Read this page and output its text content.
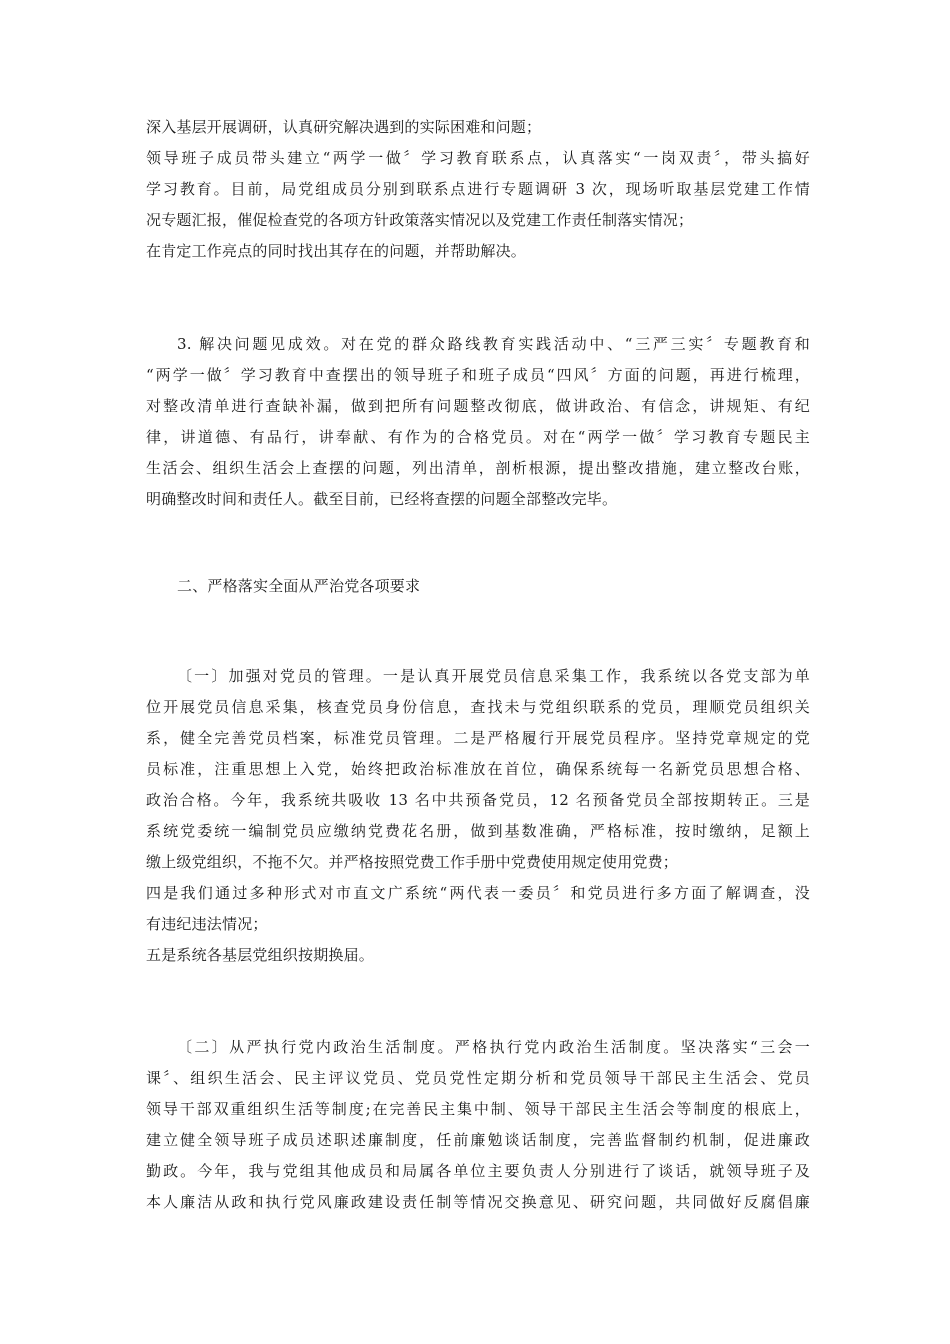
深入基层开展调研，认真研究解决遇到的实际困难和问题；
领导班子成员带头建立“两学一做〞学习教育联系点，认真落实“一岗双责〞，带头搞好
学习教育。目前，局党组成员分别到联系点进行专题调研 3 次，现场听取基层党建工作情
况专题汇报，催促检查党的各项方针政策落实情况以及党建工作责任制落实情况；
在肯定工作亮点的同时找出其存在的问题，并帮助解决。
3. 解决问题见成效。对在党的群众路线教育实践活动中、“三严三实〞专题教育和
“两学一做〞学习教育中查摆出的领导班子和班子成员“四风〞方面的问题，再进行梳理，
对整改清单进行查缺补漏，做到把所有问题整改彻底，做讲政治、有信念，讲规矩、有纪
律，讲道德、有品行，讲奉献、有作为的合格党员。对在“两学一做〞学习教育专题民主
生活会、组织生活会上查摆的问题，列出清单，剖析根源，提出整改措施，建立整改台账，
明确整改时间和责任人。截至目前，已经将查摆的问题全部整改完毕。
二、严格落实全面从严治党各项要求
〔一〕加强对党员的管理。一是认真开展党员信息采集工作，我系统以各党支部为单
位开展党员信息采集，核查党员身份信息，查找未与党组织联系的党员，理顺党员组织关
系，健全完善党员档案，标准党员管理。二是严格履行开展党员程序。坚持党章规定的党
员标准，注重思想上入党，始终把政治标准放在首位，确保系统每一名新党员思想合格、
政治合格。今年，我系统共吸收 13 名中共预备党员，12 名预备党员全部按期转正。三是
系统党委统一编制党员应缴纳党费花名册，做到基数准确，严格标准，按时缴纳，足额上
缴上级党组织，不拖不欠。并严格按照党费工作手册中党费使用规定使用党费；
四是我们通过多种形式对市直文广系统“两代表一委员〞和党员进行多方面了解调查，没
有违纪违法情况；
五是系统各基层党组织按期换届。
〔二〕从严执行党内政治生活制度。严格执行党内政治生活制度。坚决落实“三会一
课〞、组织生活会、民主评议党员、党员党性定期分析和党员领导干部民主生活会、党员
领导干部双重组织生活等制度;在完善民主集中制、领导干部民主生活会等制度的根底上，
建立健全领导班子成员述职述廉制度，任前廉勉谈话制度，完善监督制约机制，促进廉政
勤政。今年，我与党组其他成员和局属各单位主要负责人分别进行了谈话，就领导班子及
本人廉洁从政和执行党风廉政建设责任制等情况交换意见、研究问题，共同做好反腐倡廉
